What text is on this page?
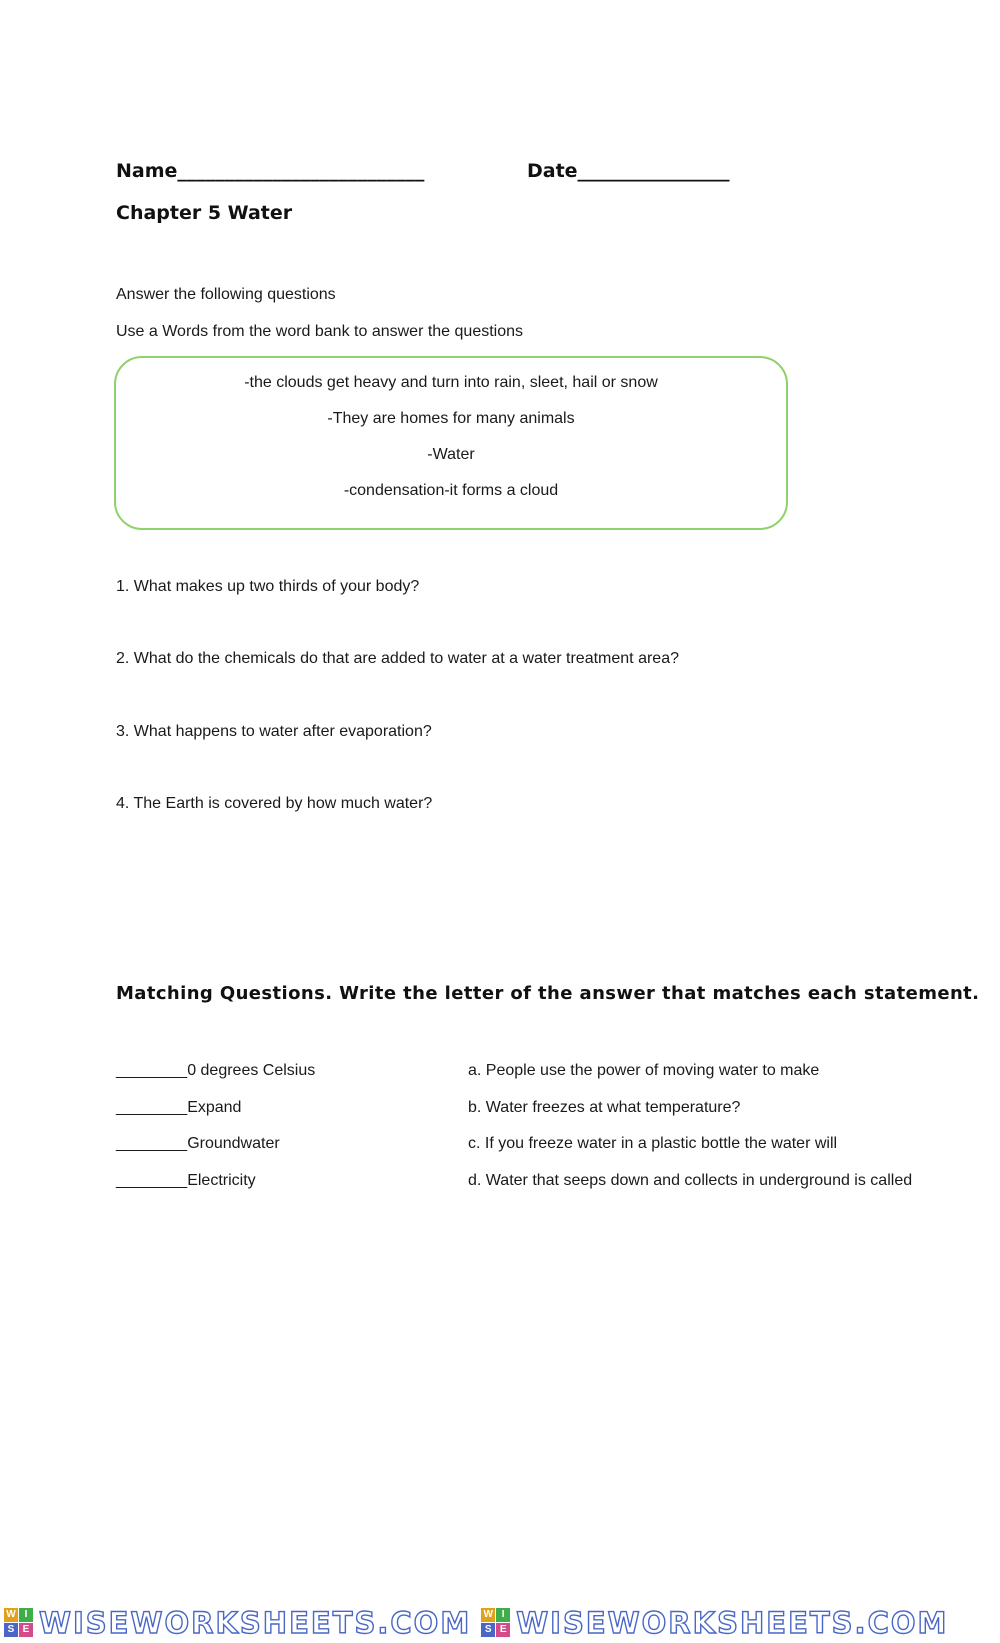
Name__________________________	Date________________
Chapter 5 Water
Answer the following questions
Use a Words from the word bank to answer the questions
-the clouds get heavy and turn into rain, sleet, hail or snow
-They are homes for many animals
-Water
-condensation-it forms a cloud
1. What makes up two thirds of your body?
2. What do the chemicals do that are added to water at a water treatment area?
3. What happens to water after evaporation?
4. The Earth is covered by how much water?
Matching Questions. Write the letter of the answer that matches each statement.
________0 degrees Celsius
________Expand
________Groundwater
________Electricity
a. People use the power of moving water to make
b. Water freezes at what temperature?
c. If you freeze water in a plastic bottle the water will
d. Water that seeps down and collects in underground is called
W I
S E WISEWORKSHEETS.COM W I
S E WISEWORKSHEETS.COM
